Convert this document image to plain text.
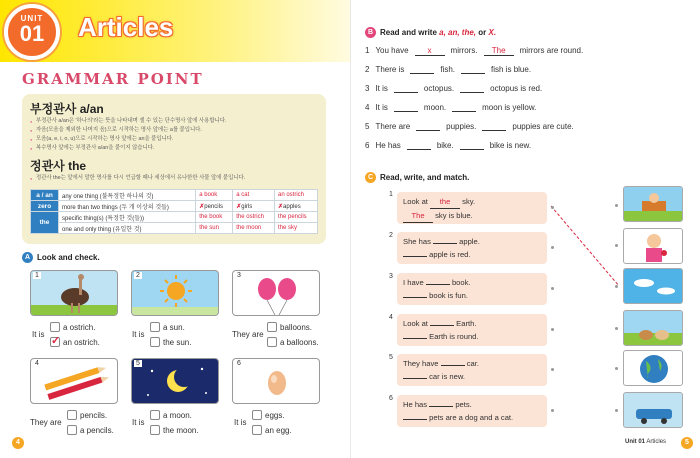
UNIT
01	Articles
GRAMMAR POINT
부정관사 a/an
● 부정관사 a/an은 '하나의'라는 뜻을 나타내며 셀 수 있는 단수명사 앞에 사용합니다.
● 자음(모음을 제외한 나머지 음)으로 시작하는 명사 앞에는 a를 붙입니다.
● 모음(a, e, i, o, u)으로 시작하는 명사 앞에는 an을 붙입니다.
● 복수명사 앞에는 부정관사 a/an을 붙이지 않습니다.
정관사 the
● 정관사 the는 앞에서 말한 명사를 다시 언급할 때나 세상에서 유나한한 사물 앞에 붙입니다.
a / an	any one thing (불특정한 하나의 것)	a book	a cat	an ostrich
zero	more than two things (두 개 이상의 것들)	✗pencils	✗girls	✗apples
the	specific thing(s) (특정한 것(들))	the book	the ostrich	the pencils
	one and only thing (유일한 것)	the sun	the moon	the sky
A Look and check.
1
It is
a ostrich.
✓ an ostrich.
2
It is
a sun.
the sun.
3
They are
balloons.
a balloons.
4
They are
pencils.
a pencils.
5
It is
a moon.
the moon.
6
It is
eggs.
an egg.
4
B Read and write a, an, the, or X.
1 You have	x	mirrors.	The	mirrors are round.
2 There is	fish.	fish is blue.
3 It is	octopus.	octopus is red.
4 It is	moon.	moon is yellow.
5 There are	puppies.	puppies are cute.
6 He has	bike.	bike is new.
C Read, write, and match.
1
Look at the sky.
The sky is blue.
2
She has	apple.
apple is red.
3
I have	book.
book is fun.
4
Look at	Earth.
Earth is round.
5
They have	car.
car is new.
6
He has	pets.
pets are a dog and a cat.
Unit 01 Articles	5
